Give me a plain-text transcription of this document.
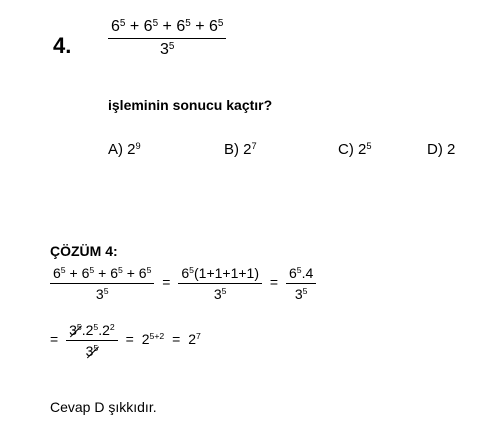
4. $\frac{6^5 + 6^5 + 6^5 + 6^5}{3^5}$
işleminin sonucu kaçtır?
A) $2^9$	B) $2^7$	C) $2^5$	D) 2
ÇÖZÜM 4:
$\frac{6^5 + 6^5 + 6^5 + 6^5}{3^5} = \frac{6^5(1+1+1+1)}{3^5} = \frac{6^5.4}{3^5}$
= $\frac{3^5.2^5.2^2}{3^5} = 2^{5+2} = 2^7$
Cevap D şıkkıdır.
